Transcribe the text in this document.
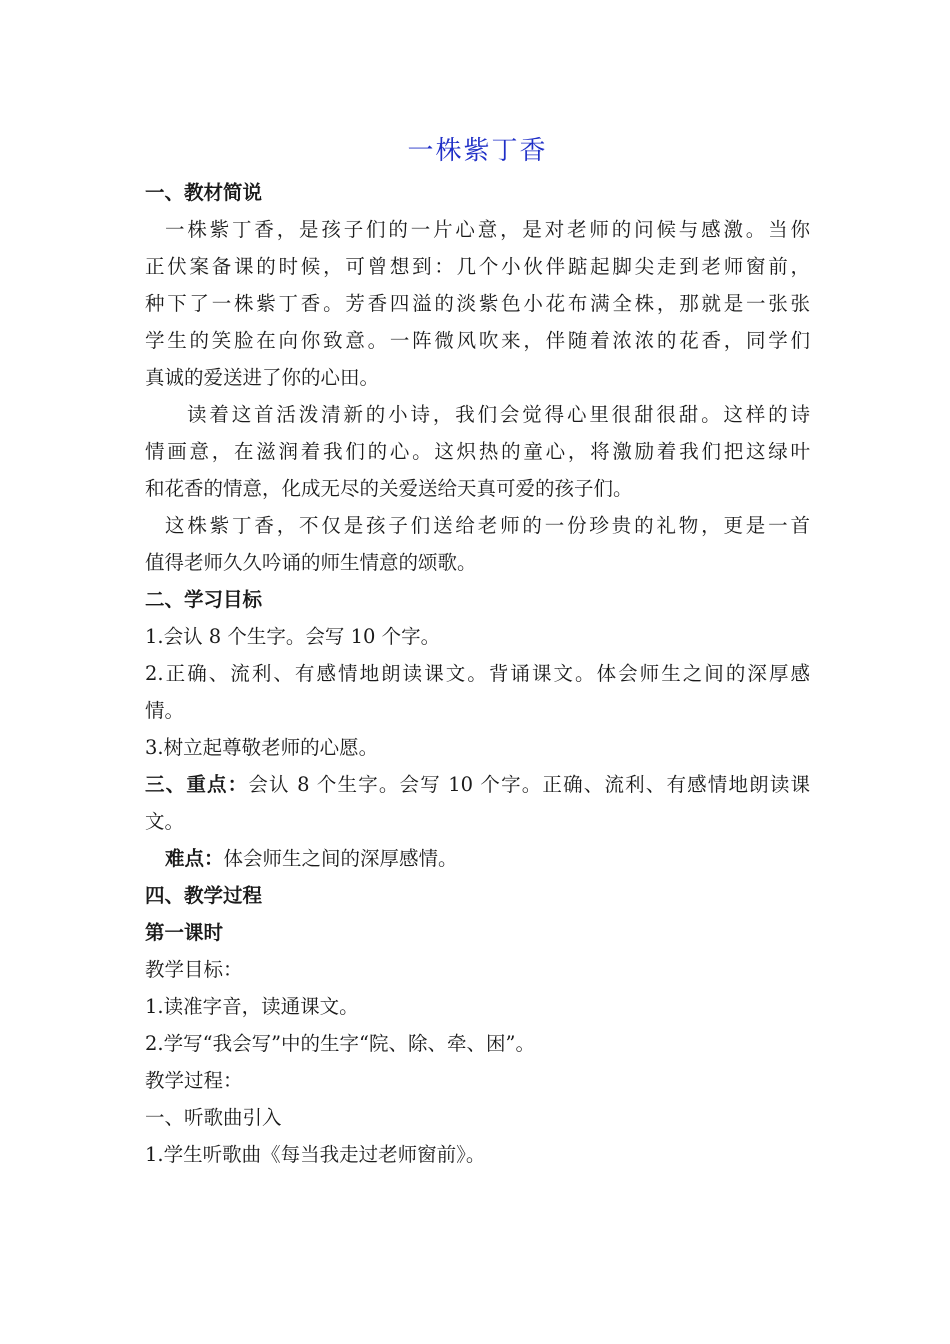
一株紫丁香
一、教材简说
一株紫丁香，是孩子们的一片心意，是对老师的问候与感激。当你
正伏案备课的时候，可曾想到：几个小伙伴踮起脚尖走到老师窗前，
种下了一株紫丁香。芳香四溢的淡紫色小花布满全株，那就是一张张
学生的笑脸在向你致意。一阵微风吹来，伴随着浓浓的花香，同学们
真诚的爱送进了你的心田。
读着这首活泼清新的小诗，我们会觉得心里很甜很甜。这样的诗
情画意，在滋润着我们的心。这炽热的童心，将激励着我们把这绿叶
和花香的情意，化成无尽的关爱送给天真可爱的孩子们。
这株紫丁香，不仅是孩子们送给老师的一份珍贵的礼物，更是一首
值得老师久久吟诵的师生情意的颂歌。
二、学习目标
1.会认 8 个生字。会写 10 个字。
2.正确、流利、有感情地朗读课文。背诵课文。体会师生之间的深厚感
情。
3.树立起尊敬老师的心愿。
三、重点：会认 8 个生字。会写 10 个字。正确、流利、有感情地朗读课
文。
难点：体会师生之间的深厚感情。
四、教学过程
第一课时
教学目标：
1.读准字音，读通课文。
2.学写“我会写”中的生字“院、除、牵、困”。
教学过程：
一、听歌曲引入
1.学生听歌曲《每当我走过老师窗前》。
